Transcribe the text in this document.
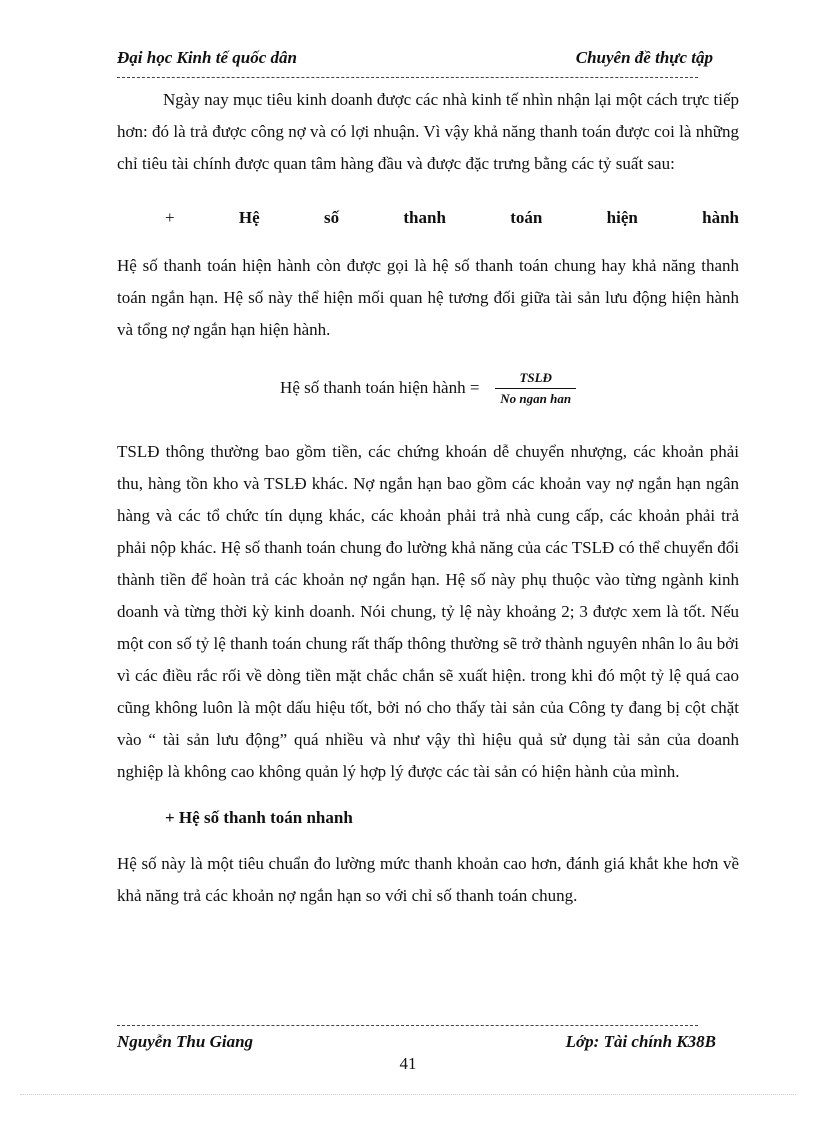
Đại học Kinh tế quốc dân	Chuyên đề thực tập

Ngày nay mục tiêu kinh doanh được các nhà kinh tế nhìn nhận lại một cách trực tiếp hơn: đó là trả được công nợ và có lợi nhuận. Vì vậy khả năng thanh toán được coi là những chỉ tiêu tài chính được quan tâm hàng đầu và được đặc trưng bằng các tỷ suất sau:

+	Hệ	số	thanh	toán	hiện	hành

Hệ số thanh toán hiện hành còn được gọi là hệ số thanh toán chung hay khả năng thanh toán ngắn hạn. Hệ số này thể hiện mối quan hệ tương đối giữa tài sản lưu động hiện hành và tổng nợ ngắn hạn hiện hành.

Hệ số thanh toán hiện hành = $\frac{\text{TSLĐ}}{\text{No ngan han}}$

TSLĐ thông thường bao gồm tiền, các chứng khoán dễ chuyển nhượng, các khoản phải thu, hàng tồn kho và TSLĐ khác. Nợ ngắn hạn bao gồm các khoản vay nợ ngắn hạn ngân hàng và các tổ chức tín dụng khác, các khoản phải trả nhà cung cấp, các khoản phải trả phải nộp khác. Hệ số thanh toán chung đo lường khả năng của các TSLĐ có thể chuyển đổi thành tiền để hoàn trả các khoản nợ ngắn hạn. Hệ số này phụ thuộc vào từng ngành kinh doanh và từng thời kỳ kinh doanh. Nói chung, tỷ lệ này khoảng 2; 3 được xem là tốt. Nếu một con số tỷ lệ thanh toán chung rất thấp thông thường sẽ trở thành nguyên nhân lo âu bởi vì các điều rắc rối về dòng tiền mặt chắc chắn sẽ xuất hiện. trong khi đó một tỷ lệ quá cao cũng không luôn là một dấu hiệu tốt, bởi nó cho thấy tài sản của Công ty đang bị cột chặt vào “ tài sản lưu động” quá nhiều và như vậy thì hiệu quả sử dụng tài sản của doanh nghiệp là không cao không quản lý hợp lý được các tài sản có hiện hành của mình.

+ Hệ số thanh toán nhanh

Hệ số này là một tiêu chuẩn đo lường mức thanh khoản cao hơn, đánh giá khắt khe hơn về khả năng trả các khoản nợ ngắn hạn so với chỉ số thanh toán chung.

Nguyễn Thu Giang	Lớp: Tài chính K38B
41
